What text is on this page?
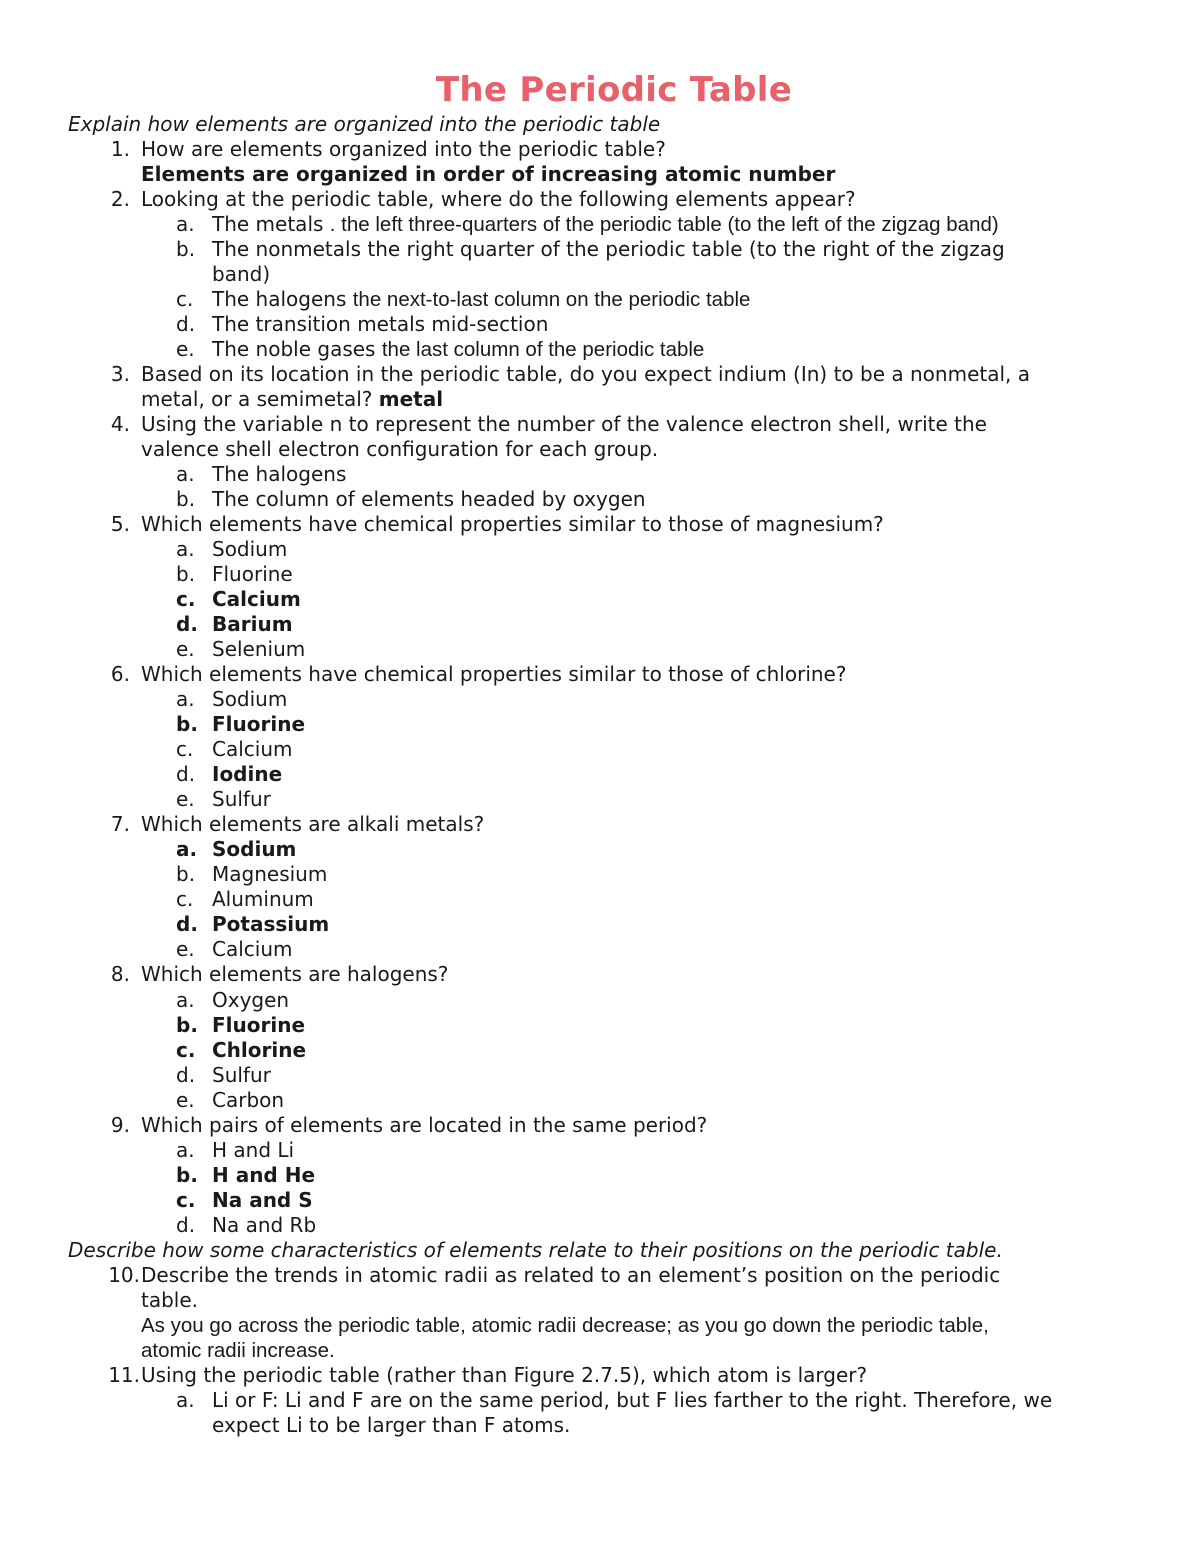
The Periodic Table
Explain how elements are organized into the periodic table
1. How are elements organized into the periodic table?
Elements are organized in order of increasing atomic number
2. Looking at the periodic table, where do the following elements appear?
a. The metals . the left three-quarters of the periodic table (to the left of the zigzag band)
b. The nonmetals the right quarter of the periodic table (to the right of the zigzag
band)
c. The halogens the next-to-last column on the periodic table
d. The transition metals mid-section
e. The noble gases the last column of the periodic table
3. Based on its location in the periodic table, do you expect indium (In) to be a nonmetal, a
metal, or a semimetal? metal
4. Using the variable n to represent the number of the valence electron shell, write the
valence shell electron configuration for each group.
a. The halogens
b. The column of elements headed by oxygen
5. Which elements have chemical properties similar to those of magnesium?
a. Sodium
b. Fluorine
c. Calcium
d. Barium
e. Selenium
6. Which elements have chemical properties similar to those of chlorine?
a. Sodium
b. Fluorine
c. Calcium
d. Iodine
e. Sulfur
7. Which elements are alkali metals?
a. Sodium
b. Magnesium
c. Aluminum
d. Potassium
e. Calcium
8. Which elements are halogens?
a. Oxygen
b. Fluorine
c. Chlorine
d. Sulfur
e. Carbon
9. Which pairs of elements are located in the same period?
a. H and Li
b. H and He
c. Na and S
d. Na and Rb
Describe how some characteristics of elements relate to their positions on the periodic table.
10. Describe the trends in atomic radii as related to an element’s position on the periodic
table.
As you go across the periodic table, atomic radii decrease; as you go down the periodic table,
atomic radii increase.
11. Using the periodic table (rather than Figure 2.7.5), which atom is larger?
a. Li or F: Li and F are on the same period, but F lies farther to the right. Therefore, we
expect Li to be larger than F atoms.
